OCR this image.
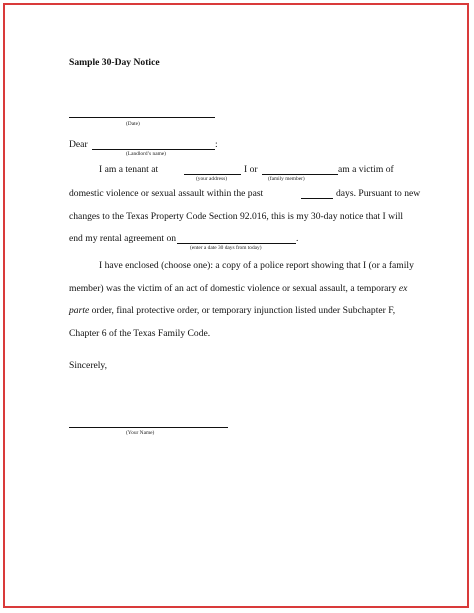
Sample 30-Day Notice
(Date)
Dear	:
(Landlord’s name)
I am a tenant at	I or	am a victim of
(your address)	(family member)
domestic violence or sexual assault within the past	days. Pursuant to new
changes to the Texas Property Code Section 92.016, this is my 30-day notice that I will
end my rental agreement on	.
(enter a date 30 days from today)
I have enclosed (choose one): a copy of a police report showing that I (or a family
member) was the victim of an act of domestic violence or sexual assault, a temporary ex
parte order, final protective order, or temporary injunction listed under Subchapter F,
Chapter 6 of the Texas Family Code.
Sincerely,
(Your Name)
